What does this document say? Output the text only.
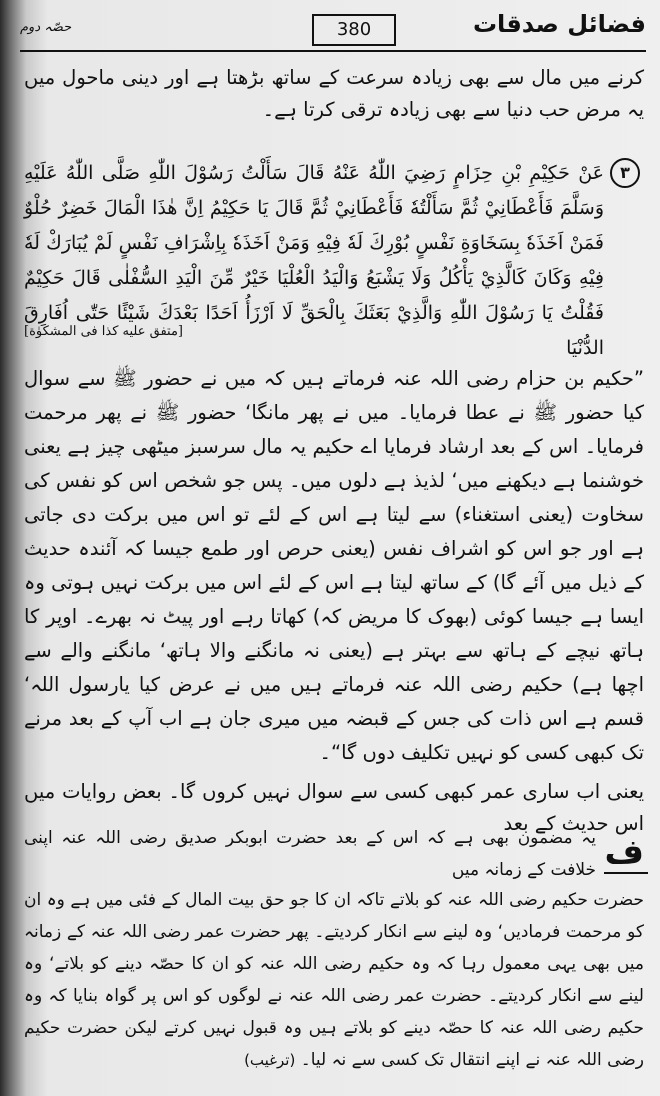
حصّہ دوم	380	فضائل صدقات

کرنے میں مال سے بھی زیادہ سرعت کے ساتھ بڑھتا ہے اور دینی ماحول میں یہ مرض حب دنیا سے بھی زیادہ ترقی کرتا ہے۔

٣

عَنْ حَكِيْمِ بْنِ حِزَامٍ رَضِيَ اللّٰهُ عَنْهُ قَالَ سَأَلْتُ رَسُوْلَ اللّٰهِ صَلَّى اللّٰهُ عَلَيْهِ وَسَلَّمَ فَأَعْطَانِيْ ثُمَّ سَأَلْتُهٗ فَأَعْطَانِيْ ثُمَّ قَالَ يَا حَكِيْمُ اِنَّ هٰذَا الْمَالَ خَضِرٌ حُلْوٌ فَمَنْ اَخَذَهٗ بِسَخَاوَةِ نَفْسٍ بُوْرِكَ لَهٗ فِيْهِ وَمَنْ اَخَذَهٗ بِاِشْرَافِ نَفْسٍ لَمْ يُبَارَكْ لَهٗ فِيْهِ وَكَانَ كَالَّذِيْ يَأْكُلُ وَلَا يَشْبَعُ وَالْيَدُ الْعُلْيَا خَيْرٌ مِّنَ الْيَدِ السُّفْلٰى قَالَ حَكِيْمٌ فَقُلْتُ يَا رَسُوْلَ اللّٰهِ وَالَّذِيْ بَعَثَكَ بِالْحَقِّ لَا اَرْزَأُ اَحَدًا بَعْدَكَ شَيْئًا حَتّٰى اُفَارِقَ الدُّنْيَا

[متفق عليه كذا فى المشكوٰة]

”حکیم بن حزام رضی اللہ عنہ فرماتے ہیں کہ میں نے حضور ﷺ سے سوال کیا حضور ﷺ نے عطا فرمایا۔ میں نے پھر مانگا‘ حضور ﷺ نے پھر مرحمت فرمایا۔ اس کے بعد ارشاد فرمایا اے حکیم یہ مال سرسبز میٹھی چیز ہے یعنی خوشنما ہے دیکھنے میں‘ لذیذ ہے دلوں میں۔ پس جو شخص اس کو نفس کی سخاوت (یعنی استغناء) سے لیتا ہے اس کے لئے تو اس میں برکت دی جاتی ہے اور جو اس کو اشراف نفس (یعنی حرص اور طمع جیسا کہ آئندہ حدیث کے ذیل میں آئے گا) کے ساتھ لیتا ہے اس کے لئے اس میں برکت نہیں ہوتی وہ ایسا ہے جیسا کوئی (بھوک کا مریض کہ) کھاتا رہے اور پیٹ نہ بھرے۔ اوپر کا ہاتھ نیچے کے ہاتھ سے بہتر ہے (یعنی نہ مانگنے والا ہاتھ‘ مانگنے والے سے اچھا ہے) حکیم رضی اللہ عنہ فرماتے ہیں میں نے عرض کیا یارسول اللہ‘ قسم ہے اس ذات کی جس کے قبضہ میں میری جان ہے اب آپ کے بعد مرنے تک کبھی کسی کو نہیں تکلیف دوں گا“۔

یعنی اب ساری عمر کبھی کسی سے سوال نہیں کروں گا۔ بعض روایات میں اس حدیث کے بعد

ف

یہ مضمون بھی ہے کہ اس کے بعد حضرت ابوبکر صدیق رضی اللہ عنہ اپنی خلافت کے زمانہ میں

حضرت حکیم رضی اللہ عنہ کو بلاتے تاکہ ان کا جو حق بیت المال کے فئی میں ہے وہ ان کو مرحمت فرمادیں‘ وہ لینے سے انکار کردیتے۔ پھر حضرت عمر رضی اللہ عنہ کے زمانہ میں بھی یہی معمول رہا کہ وہ حکیم رضی اللہ عنہ کو ان کا حصّہ دینے کو بلاتے‘ وہ لینے سے انکار کردیتے۔ حضرت عمر رضی اللہ عنہ نے لوگوں کو اس پر گواہ بنایا کہ وہ حکیم رضی اللہ عنہ کا حصّہ دینے کو بلاتے ہیں وہ قبول نہیں کرتے لیکن حضرت حکیم رضی اللہ عنہ نے اپنے انتقال تک کسی سے نہ لیا۔ (ترغیب)
